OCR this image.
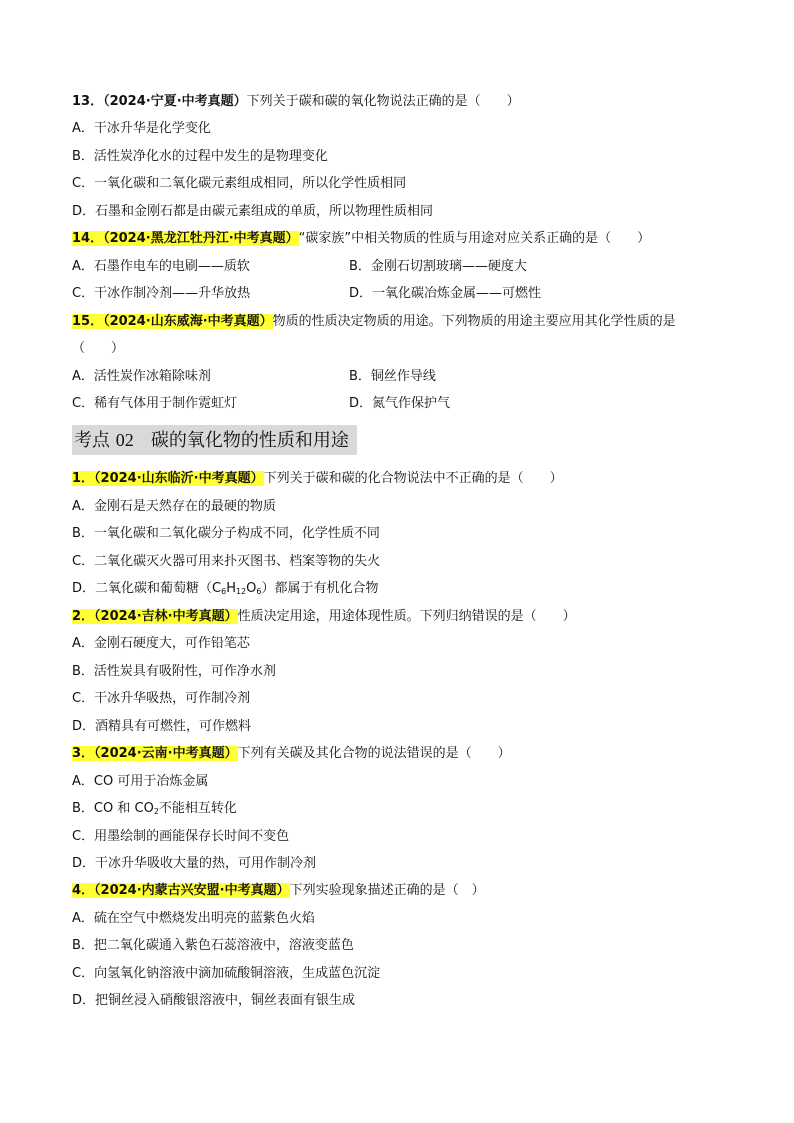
13．（2024·宁夏·中考真题）下列关于碳和碳的氧化物说法正确的是（　　）
A．干冰升华是化学变化
B．活性炭净化水的过程中发生的是物理变化
C．一氧化碳和二氧化碳元素组成相同，所以化学性质相同
D．石墨和金刚石都是由碳元素组成的单质，所以物理性质相同
14．（2024·黑龙江牡丹江·中考真题）“碳家族”中相关物质的性质与用途对应关系正确的是（　　）
A．石墨作电车的电刷——质软	B．金刚石切割玻璃——硬度大
C．干冰作制冷剂——升华放热	D．一氧化碳冶炼金属——可燃性
15．（2024·山东威海·中考真题）物质的性质决定物质的用途。下列物质的用途主要应用其化学性质的是
（　　）
A．活性炭作冰箱除味剂	B．铜丝作导线
C．稀有气体用于制作霓虹灯	D．氮气作保护气
考点 02 碳的氧化物的性质和用途
1．（2024·山东临沂·中考真题）下列关于碳和碳的化合物说法中不正确的是（　　）
A．金刚石是天然存在的最硬的物质
B．一氧化碳和二氧化碳分子构成不同，化学性质不同
C．二氧化碳灭火器可用来扑灭图书、档案等物的失火
D．二氧化碳和葡萄糖$(C_6H_{12}O_6)$都属于有机化合物
2．（2024·吉林·中考真题）性质决定用途，用途体现性质。下列归纳错误的是（　　）
A．金刚石硬度大，可作铅笔芯
B．活性炭具有吸附性，可作净水剂
C．干冰升华吸热，可作制冷剂
D．酒精具有可燃性，可作燃料
3．（2024·云南·中考真题）下列有关碳及其化合物的说法错误的是（　　）
A．CO 可用于冶炼金属
B．CO 和 $CO_2$不能相互转化
C．用墨绘制的画能保存长时间不变色
D．干冰升华吸收大量的热，可用作制冷剂
4．（2024·内蒙古兴安盟·中考真题）下列实验现象描述正确的是（　）
A．硫在空气中燃烧发出明亮的蓝紫色火焰
B．把二氧化碳通入紫色石蕊溶液中，溶液变蓝色
C．向氢氧化钠溶液中滴加硫酸铜溶液，生成蓝色沉淀
D．把铜丝浸入硝酸银溶液中，铜丝表面有银生成
